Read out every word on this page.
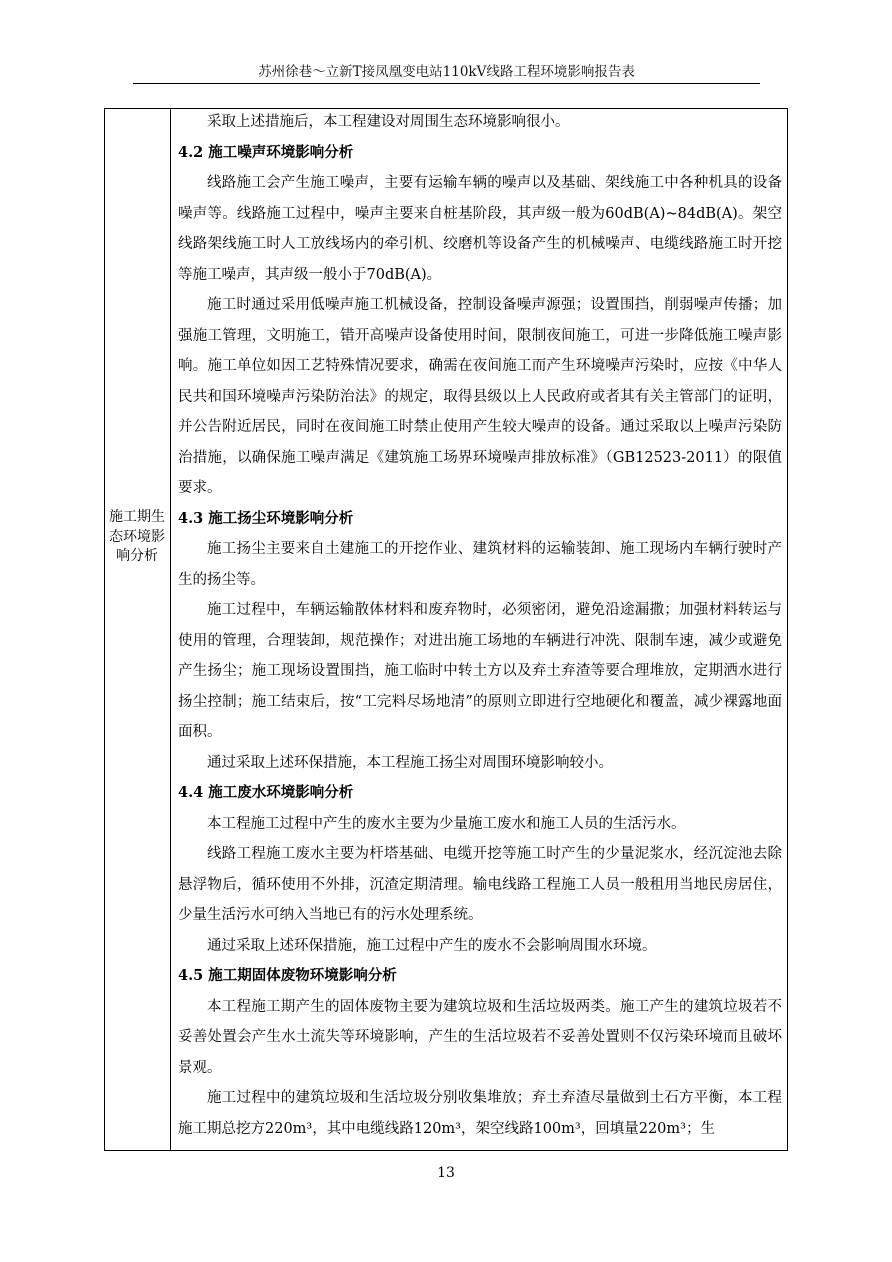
苏州徐巷～立新T接凤凰变电站110kV线路工程环境影响报告表
施工期生
态环境影
响分析

采取上述措施后，本工程建设对周围生态环境影响很小。

4.2 施工噪声环境影响分析

线路施工会产生施工噪声，主要有运输车辆的噪声以及基础、架线施工中各种机具的设备噪声等。线路施工过程中，噪声主要来自桩基阶段，其声级一般为60dB(A)~84dB(A)。架空线路架线施工时人工放线场内的牵引机、绞磨机等设备产生的机械噪声、电缆线路施工时开挖等施工噪声，其声级一般小于70dB(A)。

施工时通过采用低噪声施工机械设备，控制设备噪声源强；设置围挡，削弱噪声传播；加强施工管理，文明施工，错开高噪声设备使用时间，限制夜间施工，可进一步降低施工噪声影响。施工单位如因工艺特殊情况要求，确需在夜间施工而产生环境噪声污染时，应按《中华人民共和国环境噪声污染防治法》的规定，取得县级以上人民政府或者其有关主管部门的证明，并公告附近居民，同时在夜间施工时禁止使用产生较大噪声的设备。通过采取以上噪声污染防治措施，以确保施工噪声满足《建筑施工场界环境噪声排放标准》（GB12523-2011）的限值要求。

4.3 施工扬尘环境影响分析

施工扬尘主要来自土建施工的开挖作业、建筑材料的运输装卸、施工现场内车辆行驶时产生的扬尘等。

施工过程中，车辆运输散体材料和废弃物时，必须密闭，避免沿途漏撒；加强材料转运与使用的管理，合理装卸，规范操作；对进出施工场地的车辆进行冲洗、限制车速，减少或避免产生扬尘；施工现场设置围挡，施工临时中转土方以及弃土弃渣等要合理堆放，定期洒水进行扬尘控制；施工结束后，按“工完料尽场地清”的原则立即进行空地硬化和覆盖，减少裸露地面面积。

通过采取上述环保措施，本工程施工扬尘对周围环境影响较小。

4.4 施工废水环境影响分析

本工程施工过程中产生的废水主要为少量施工废水和施工人员的生活污水。

线路工程施工废水主要为杆塔基础、电缆开挖等施工时产生的少量泥浆水，经沉淀池去除悬浮物后，循环使用不外排，沉渣定期清理。输电线路工程施工人员一般租用当地民房居住，少量生活污水可纳入当地已有的污水处理系统。

通过采取上述环保措施，施工过程中产生的废水不会影响周围水环境。

4.5 施工期固体废物环境影响分析

本工程施工期产生的固体废物主要为建筑垃圾和生活垃圾两类。施工产生的建筑垃圾若不妥善处置会产生水土流失等环境影响，产生的生活垃圾若不妥善处置则不仅污染环境而且破坏景观。

施工过程中的建筑垃圾和生活垃圾分别收集堆放；弃土弃渣尽量做到土石方平衡，本工程施工期总挖方220m³，其中电缆线路120m³，架空线路100m³，回填量220m³；生

13
